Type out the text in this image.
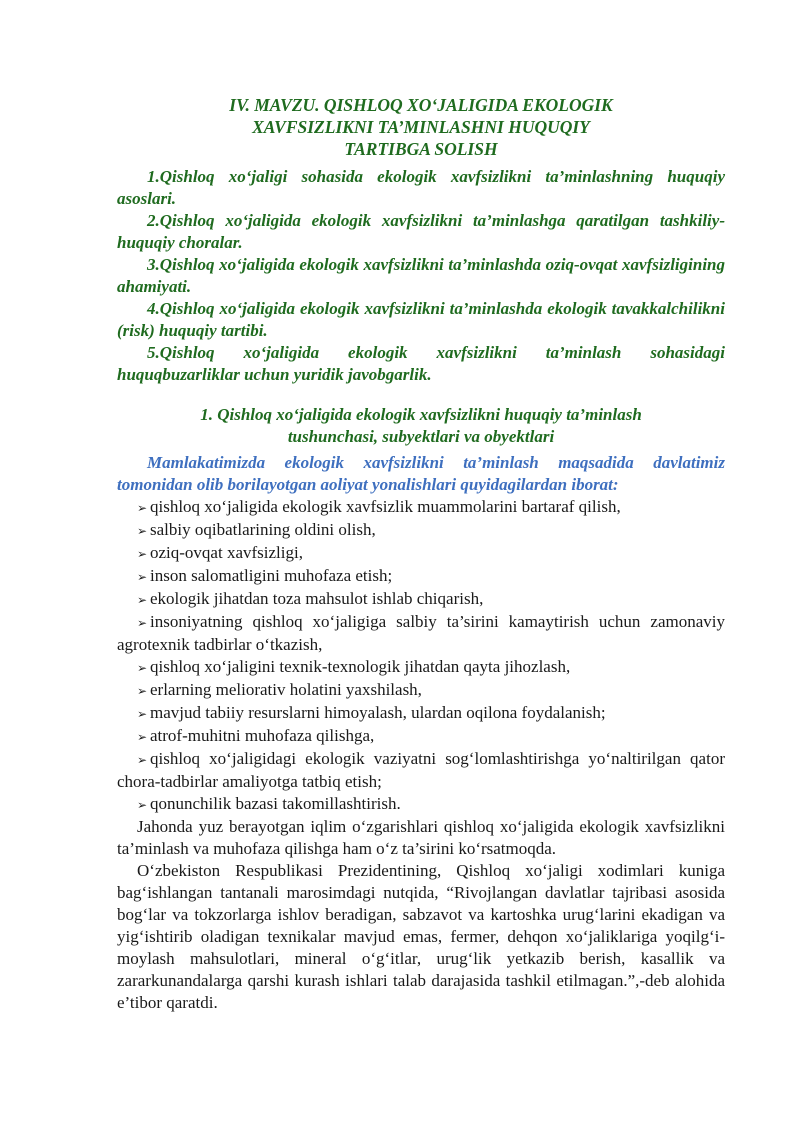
IV. MAVZU. QISHLOQ XO‘JALIGIDA EKOLOGIK
XAVFSIZLIKNI TA’MINLASHNI HUQUQIY
TARTIBGA SOLISH

1.Qishloq xo‘jaligi sohasida ekologik xavfsizlikni ta’minlashning huquqiy asoslari.

2.Qishloq xo‘jaligida ekologik xavfsizlikni ta’minlashga qaratilgan tashkiliy-huquqiy choralar.

3.Qishloq xo‘jaligida ekologik xavfsizlikni ta’minlashda oziq-ovqat xavfsizligining ahamiyati.

4.Qishloq xo‘jaligida ekologik xavfsizlikni ta’minlashda ekologik tavakkalchilikni (risk) huquqiy tartibi.

5.Qishloq xo‘jaligida ekologik xavfsizlikni ta’minlash sohasidagi huquqbuzarliklar uchun yuridik javobgarlik.

1. Qishloq xo‘jaligida ekologik xavfsizlikni huquqiy ta’minlash
tushunchasi, subyektlari va obyektlari

Mamlakatimizda ekologik xavfsizlikni ta’minlash maqsadida davlatimiz tomonidan olib borilayotgan aoliyat yonalishlari quyidagilardan iborat:

➢ qishloq xo‘jaligida ekologik xavfsizlik muammolarini bartaraf qilish,
➢ salbiy oqibatlarining oldini olish,
➢ oziq-ovqat xavfsizligi,
➢ inson salomatligini muhofaza etish;
➢ ekologik jihatdan toza mahsulot ishlab chiqarish,
➢ insoniyatning qishloq xo‘jaligiga salbiy ta’sirini kamaytirish uchun zamonaviy agrotexnik tadbirlar o‘tkazish,
➢ qishloq xo‘jaligini texnik-texnologik jihatdan qayta jihozlash,
➢ erlarning meliorativ holatini yaxshilash,
➢ mavjud tabiiy resurslarni himoyalash, ulardan oqilona foydalanish;
➢ atrof-muhitni muhofaza qilishga,
➢ qishloq xo‘jaligidagi ekologik vaziyatni sog‘lomlashtirishga yo‘naltirilgan qator chora-tadbirlar amaliyotga tatbiq etish;
➢ qonunchilik bazasi takomillashtirish.

Jahonda yuz berayotgan iqlim o‘zgarishlari qishloq xo‘jaligida ekologik xavfsizlikni ta’minlash va muhofaza qilishga ham o‘z ta’sirini ko‘rsatmoqda.

O‘zbekiston Respublikasi Prezidentining, Qishloq xo‘jaligi xodimlari kuniga bag‘ishlangan tantanali marosimdagi nutqida, “Rivojlangan davlatlar tajribasi asosida bog‘lar va tokzorlarga ishlov beradigan, sabzavot va kartoshka urug‘larini ekadigan va yig‘ishtirib oladigan texnikalar mavjud emas, fermer, dehqon xo‘jaliklariga yoqilg‘i-moylash mahsulotlari, mineral o‘g‘itlar, urug‘lik yetkazib berish, kasallik va zararkunandalarga qarshi kurash ishlari talab darajasida tashkil etilmagan.”,-deb alohida e’tibor qaratdi.
